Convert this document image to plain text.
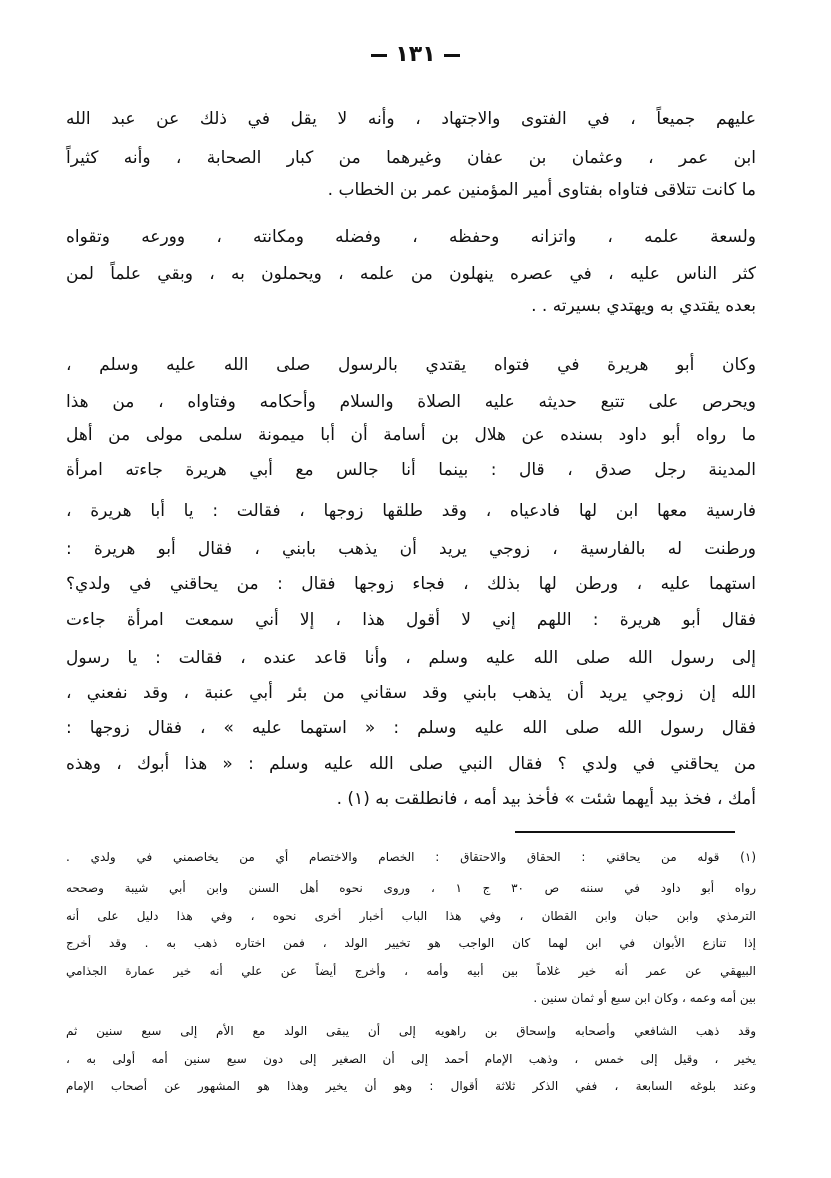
١٣١
عليهم جميعاً ، في الفتوى والاجتهاد ، وأنه لا يقل في ذلك عن عبد الله
ابن عمر ، وعثمان بن عفان وغيرهما من كبار الصحابة ، وأنه كثيراً
ما كانت تتلاقى فتاواه بفتاوى أمير المؤمنين عمر بن الخطاب .
ولسعة علمه ، واتزانه وحفظه ، وفضله ومكانته ، وورعه وتقواه
كثر الناس عليه ، في عصره ينهلون من علمه ، ويحملون به ، وبقي علماً لمن
بعده يقتدي به ويهتدي بسيرته . .
وكان أبو هريرة في فتواه يقتدي بالرسول صلى الله عليه وسلم ،
ويحرص على تتبع حديثه عليه الصلاة والسلام وأحكامه وفتاواه ، من هذا
ما رواه أبو داود بسنده عن هلال بن أسامة أن أبا ميمونة سلمى مولى من أهل
المدينة رجل صدق ، قال : بينما أنا جالس مع أبي هريرة جاءته امرأة
فارسية معها ابن لها فادعياه ، وقد طلقها زوجها ، فقالت : يا أبا هريرة ،
ورطنت له بالفارسية ، زوجي يريد أن يذهب بابني ، فقال أبو هريرة :
استهما عليه ، ورطن لها بذلك ، فجاء زوجها فقال : من يحاقني في ولدي؟
فقال أبو هريرة : اللهم إني لا أقول هذا ، إلا أني سمعت امرأة جاءت
إلى رسول الله صلى الله عليه وسلم ، وأنا قاعد عنده ، فقالت : يا رسول
الله إن زوجي يريد أن يذهب بابني وقد سقاني من بئر أبي عنبة ، وقد نفعني ،
فقال رسول الله صلى الله عليه وسلم : « استهما عليه » ، فقال زوجها :
من يحاقني في ولدي ؟ فقال النبي صلى الله عليه وسلم : « هذا أبوك ، وهذه
أمك ، فخذ بيد أيهما شئت » فأخذ بيد أمه ، فانطلقت به (١) .
(١) قوله من يحاقني : الحقاق والاحتقاق : الخصام والاختصام أي من يخاصمني في ولدي .
رواه أبو داود في سننه ص ٣٠ ج ١ ، وروى نحوه أهل السنن وابن أبي شيبة وصححه
الترمذي وابن حبان وابن القطان ، وفي هذا الباب أخبار أخرى نحوه ، وفي هذا دليل على أنه
إذا تنازع الأبوان في ابن لهما كان الواجب هو تخيير الولد ، فمن اختاره ذهب به . وقد أخرج
البيهقي عن عمر أنه خير غلاماً بين أبيه وأمه ، وأخرج أيضاً عن علي أنه خير عمارة الجذامي
بين أمه وعمه ، وكان ابن سبع أو ثمان سنين .
وقد ذهب الشافعي وأصحابه وإسحاق بن راهويه إلى أن يبقى الولد مع الأم إلى سبع سنين ثم
يخير ، وقيل إلى خمس ، وذهب الإمام أحمد إلى أن الصغير إلى دون سبع سنين أمه أولى به ،
وعند بلوغه السابعة ، ففي الذكر ثلاثة أقوال : وهو أن يخير وهذا هو المشهور عن أصحاب الإمام
